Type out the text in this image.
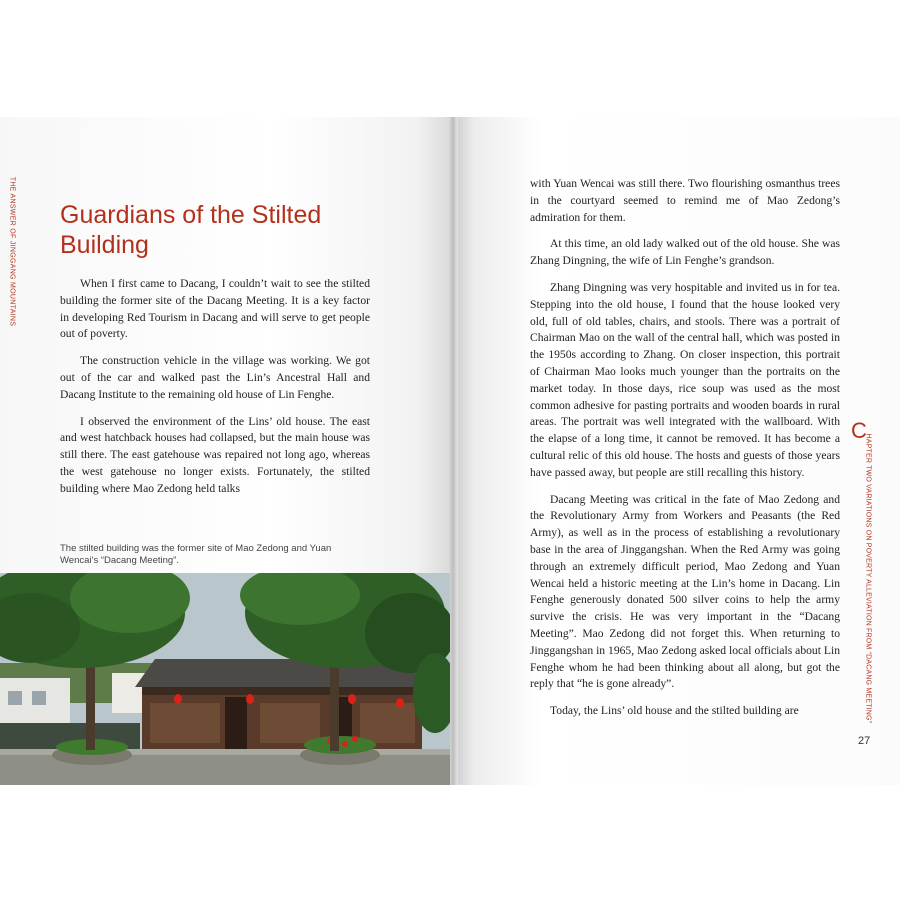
THE ANSWER OF JINGGANG MOUNTAINS Guardians of the Stilted Building

When I first came to Dacang, I couldn’t wait to see the stilted building the former site of the Dacang Meeting. It is a key factor in developing Red Tourism in Dacang and will serve to get people out of poverty.

The construction vehicle in the village was working. We got out of the car and walked past the Lin’s Ancestral Hall and Dacang Institute to the remaining old house of Lin Fenghe.

I observed the environment of the Lins’ old house. The east and west hatchback houses had collapsed, but the main house was still there. The east gatehouse was repaired not long ago, whereas the west gatehouse no longer exists. Fortunately, the stilted building where Mao Zedong held talks

The stilted building was the former site of Mao Zedong and Yuan Wencai’s “Dacang Meeting”.

with Yuan Wencai was still there. Two flourishing osmanthus trees in the courtyard seemed to remind me of Mao Zedong’s admiration for them.

At this time, an old lady walked out of the old house. She was Zhang Dingning, the wife of Lin Fenghe’s grandson.

Zhang Dingning was very hospitable and invited us in for tea. Stepping into the old house, I found that the house looked very old, full of old tables, chairs, and stools. There was a portrait of Chairman Mao on the wall of the central hall, which was posted in the 1950s according to Zhang. On closer inspection, this portrait of Chairman Mao looks much younger than the portraits on the market today. In those days, rice soup was used as the most common adhesive for pasting portraits and wooden boards in rural areas. The portrait was well integrated with the wallboard. With the elapse of a long time, it cannot be removed. It has become a cultural relic of this old house. The hosts and guests of those years have passed away, but people are still recalling this history.

Dacang Meeting was critical in the fate of Mao Zedong and the Revolutionary Army from Workers and Peasants (the Red Army), as well as in the process of establishing a revolutionary base in the area of Jinggangshan. When the Red Army was going through an extremely difficult period, Mao Zedong and Yuan Wencai held a historic meeting at the Lin’s home in Dacang. Lin Fenghe generously donated 500 silver coins to help the army survive the crisis. He was very important in the “Dacang Meeting”. Mao Zedong did not forget this. When returning to Jinggangshan in 1965, Mao Zedong asked local officials about Lin Fenghe whom he had been thinking about all along, but got the reply that “he is gone already”.

Today, the Lins’ old house and the stilted building are

C
HAPTER TWO VARIATIONS ON POVERTY ALLEVIATION FROM “DACANG MEETING”
27
